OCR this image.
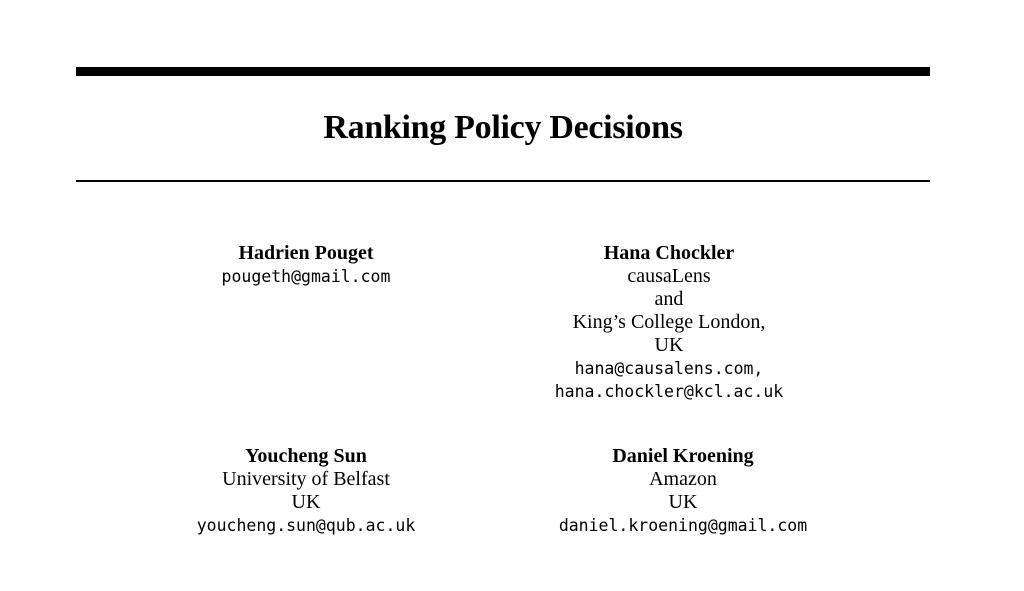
Ranking Policy Decisions
Hadrien Pouget
pougeth@gmail.com
Hana Chockler
causaLens
and
King’s College London,
UK
hana@causalens.com,
hana.chockler@kcl.ac.uk
Youcheng Sun
University of Belfast
UK
youcheng.sun@qub.ac.uk
Daniel Kroening
Amazon
UK
daniel.kroening@gmail.com
